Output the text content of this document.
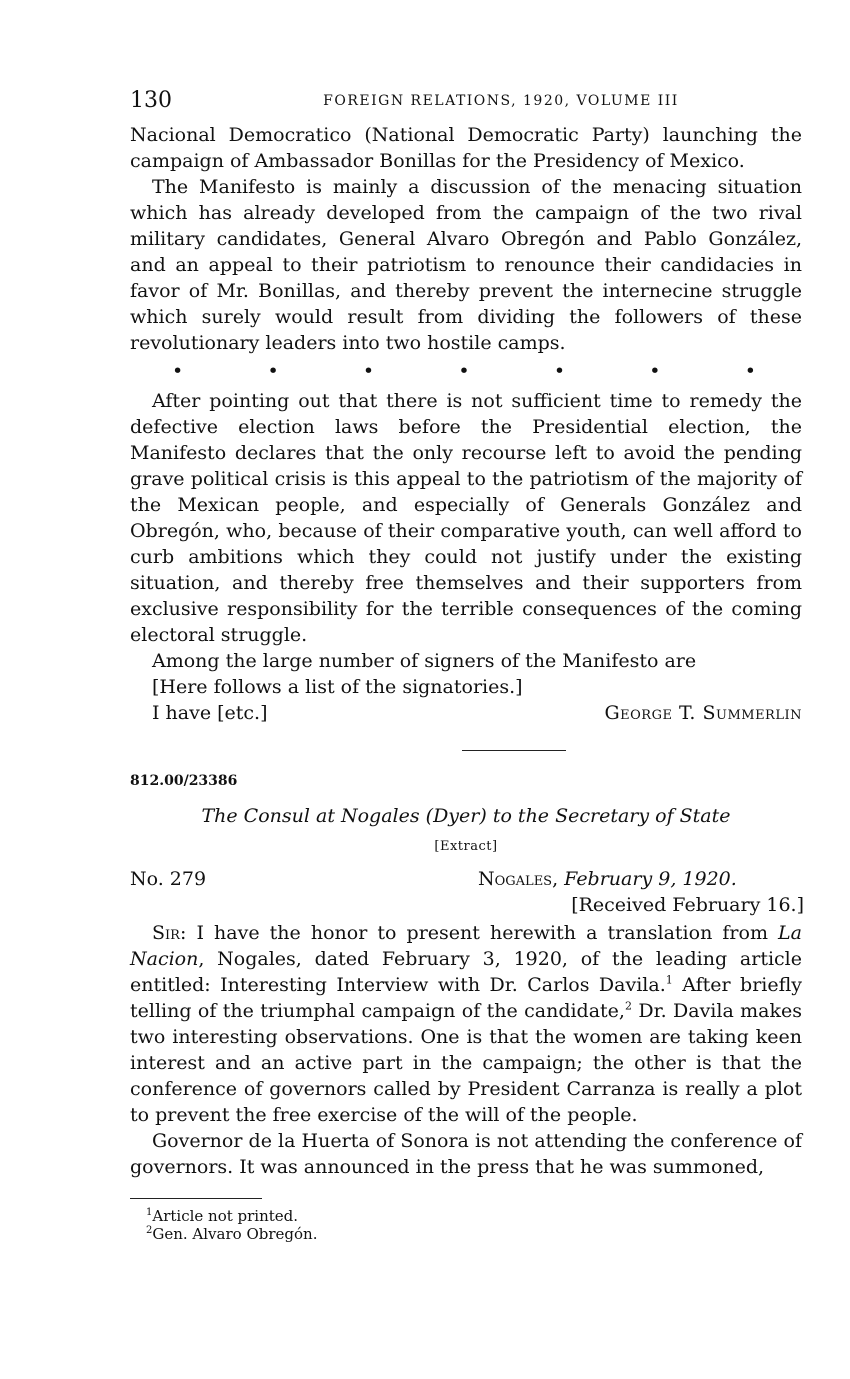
130	FOREIGN RELATIONS, 1920, VOLUME III

Nacional Democratico (National Democratic Party) launching the campaign of Ambassador Bonillas for the Presidency of Mexico.

The Manifesto is mainly a discussion of the menacing situation which has already developed from the campaign of the two rival military candidates, General Alvaro Obregón and Pablo González, and an appeal to their patriotism to renounce their candidacies in favor of Mr. Bonillas, and thereby prevent the internecine struggle which surely would result from dividing the followers of these revolutionary leaders into two hostile camps.

•	•	•	•	•	•	•

After pointing out that there is not sufficient time to remedy the defective election laws before the Presidential election, the Manifesto declares that the only recourse left to avoid the pending grave political crisis is this appeal to the patriotism of the majority of the Mexican people, and especially of Generals González and Obregón, who, because of their comparative youth, can well afford to curb ambitions which they could not justify under the existing situation, and thereby free themselves and their supporters from exclusive responsibility for the terrible consequences of the coming electoral struggle.

Among the large number of signers of the Manifesto are
[Here follows a list of the signatories.]
I have [etc.]	George T. Summerlin
812.00/23386
The Consul at Nogales (Dyer) to the Secretary of State
[Extract]
No. 279	Nogales, February 9, 1920.
[Received February 16.]

Sir: I have the honor to present herewith a translation from La Nacion, Nogales, dated February 3, 1920, of the leading article entitled: Interesting Interview with Dr. Carlos Davila.$^1$ After briefly telling of the triumphal campaign of the candidate,$^2$ Dr. Davila makes two interesting observations. One is that the women are taking keen interest and an active part in the campaign; the other is that the conference of governors called by President Carranza is really a plot to prevent the free exercise of the will of the people.

Governor de la Huerta of Sonora is not attending the conference of governors. It was announced in the press that he was summoned,

$^1$Article not printed.
$^2$Gen. Alvaro Obregón.
